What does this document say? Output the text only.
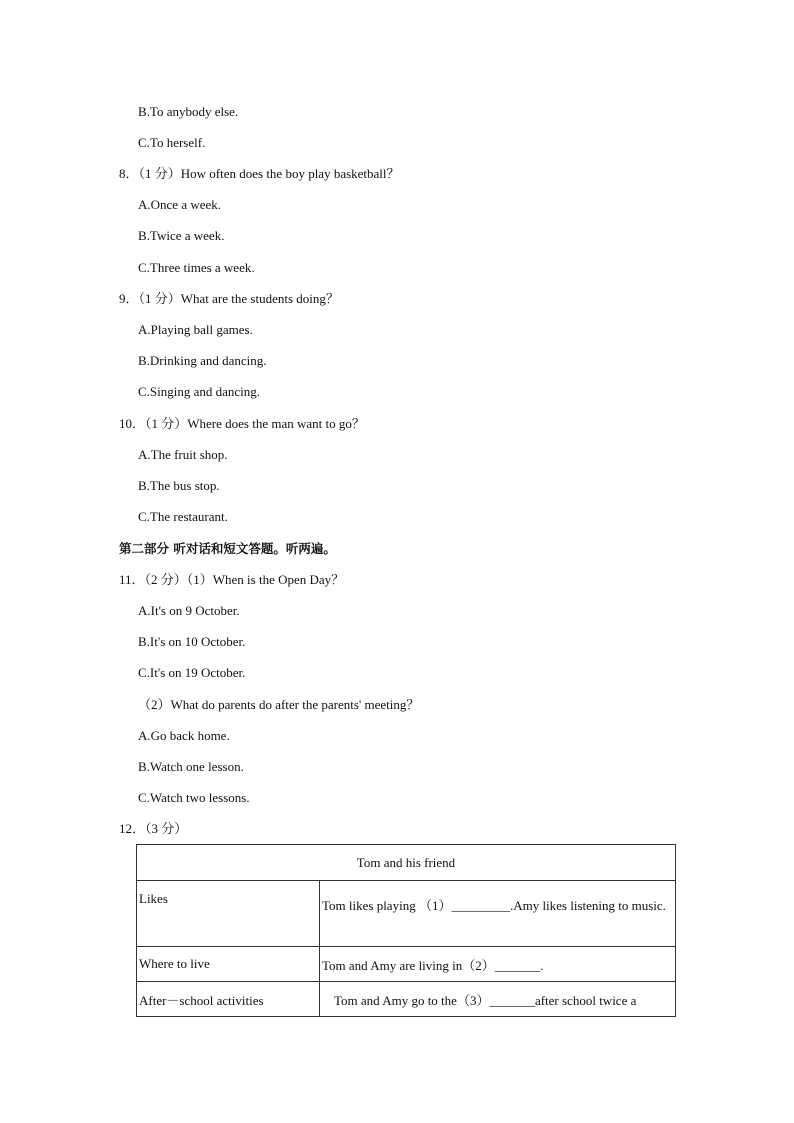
B.To anybody else.
C.To herself.
8．（1 分）How often does the boy play basketball？
A.Once a week.
B.Twice a week.
C.Three times a week.
9．（1 分）What are the students doing？
A.Playing ball games.
B.Drinking and dancing.
C.Singing and dancing.
10．（1 分）Where does the man want to go？
A.The fruit shop.
B.The bus stop.
C.The restaurant.
第二部分 听对话和短文答题。听两遍。
11．（2 分）（1）When is the Open Day？
A.It's on 9 October.
B.It's on 10 October.
C.It's on 19 October.
（2）What do parents do after the parents' meeting？
A.Go back home.
B.Watch one lesson.
C.Watch two lessons.
12．（3 分）
Tom and his friend	

Likes	Tom likes playing （1）_________.Amy likes listening to music.

Where to live	Tom and Amy are living in（2）_______.
After－school activities	Tom and Amy go to the（3）_______after school twice a
